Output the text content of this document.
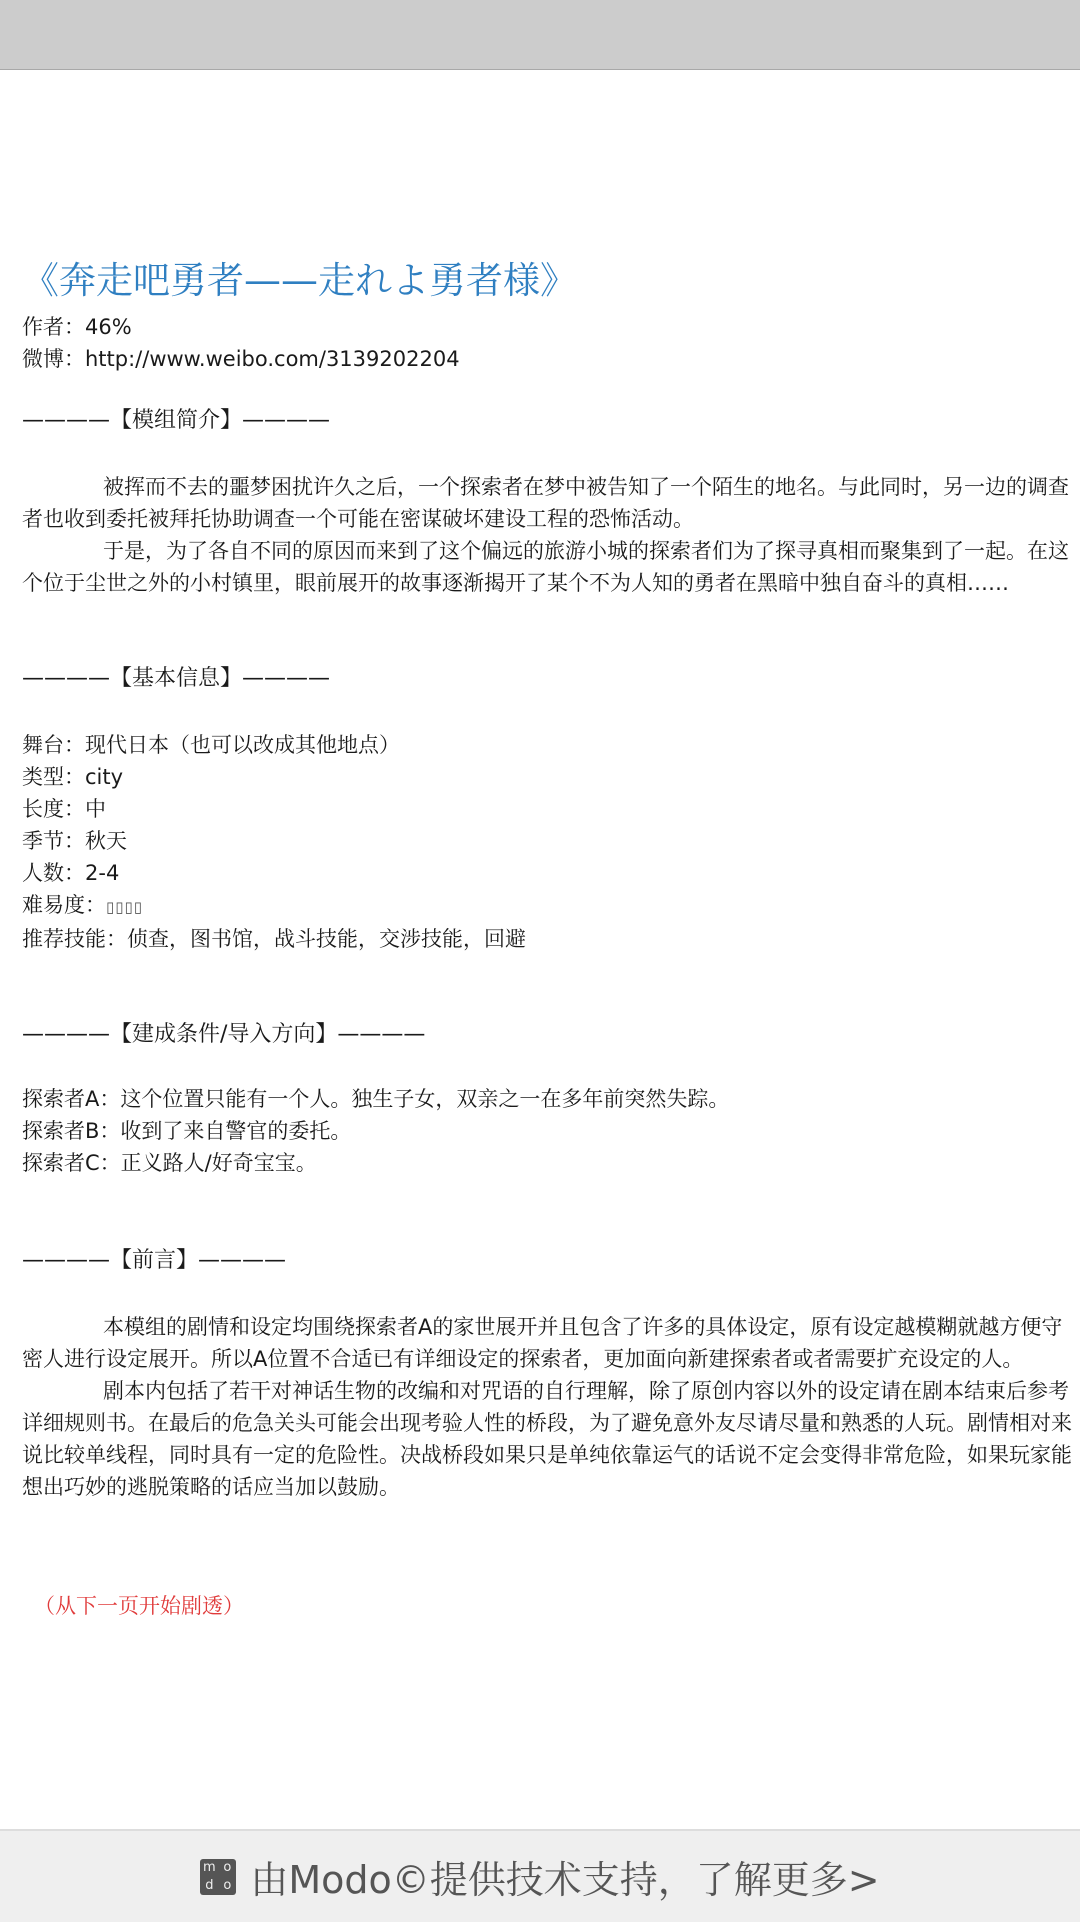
《奔走吧勇者——走れよ勇者様》

作者：46%

微博：http://www.weibo.com/3139202204

————【模组简介】————

被挥而不去的噩梦困扰许久之后，一个探索者在梦中被告知了一个陌生的地名。与此同时，另一边的调查者也收到委托被拜托协助调查一个可能在密谋破坏建设工程的恐怖活动。

于是，为了各自不同的原因而来到了这个偏远的旅游小城的探索者们为了探寻真相而聚集到了一起。在这个位于尘世之外的小村镇里，眼前展开的故事逐渐揭开了某个不为人知的勇者在黑暗中独自奋斗的真相……

————【基本信息】————

舞台：现代日本（也可以改成其他地点）

类型：city

长度：中

季节：秋天

人数：2-4

难易度：▯▯▯▯

推荐技能：侦查，图书馆，战斗技能，交涉技能，回避

————【建成条件/导入方向】————

探索者A：这个位置只能有一个人。独生子女，双亲之一在多年前突然失踪。

探索者B：收到了来自警官的委托。

探索者C：正义路人/好奇宝宝。

————【前言】————

本模组的剧情和设定均围绕探索者A的家世展开并且包含了许多的具体设定，原有设定越模糊就越方便守密人进行设定展开。所以A位置不合适已有详细设定的探索者，更加面向新建探索者或者需要扩充设定的人。

剧本内包括了若干对神话生物的改编和对咒语的自行理解，除了原创内容以外的设定请在剧本结束后参考详细规则书。在最后的危急关头可能会出现考验人性的桥段，为了避免意外友尽请尽量和熟悉的人玩。剧情相对来说比较单线程，同时具有一定的危险性。决战桥段如果只是单纯依靠运气的话说不定会变得非常危险，如果玩家能想出巧妙的逃脱策略的话应当加以鼓励。

（从下一页开始剧透）

m o
d o 由Modo©提供技术支持，了解更多>
